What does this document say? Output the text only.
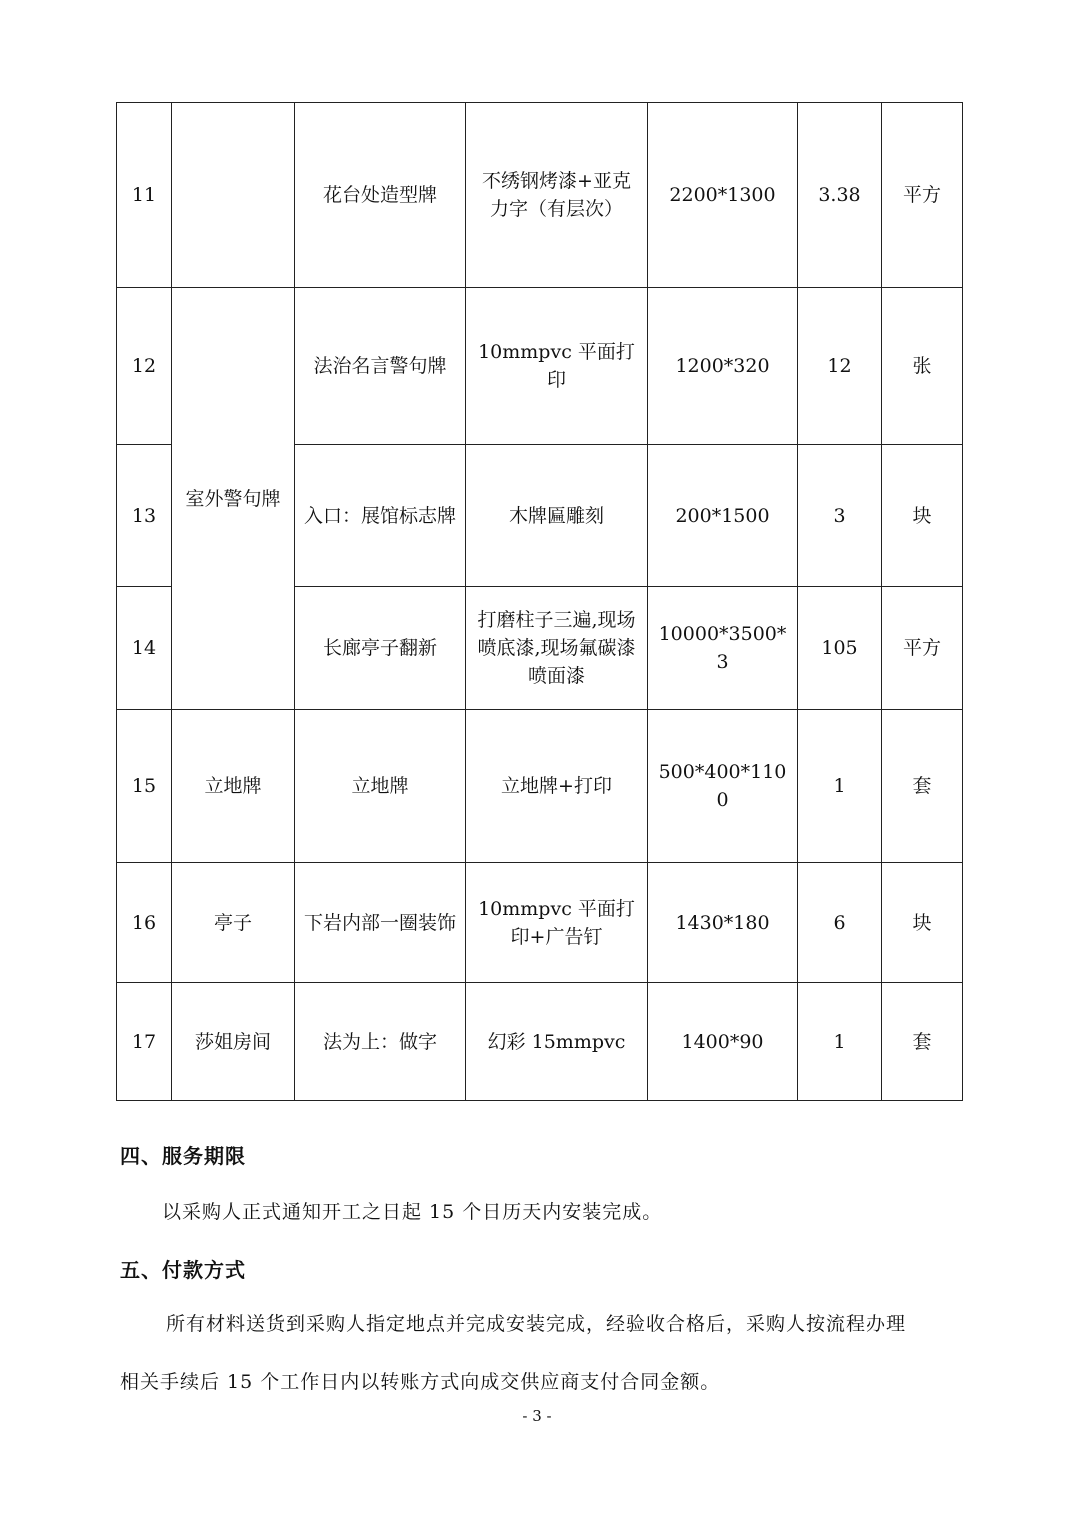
11		花台处造型牌	不绣钢烤漆+亚克力字（有层次）	2200*1300	3.38	平方
12	室外警句牌	法治名言警句牌	10mmpvc 平面打印	1200*320	12	张
13		入口：展馆标志牌	木牌匾雕刻	200*1500	3	块
14		长廊亭子翻新	打磨柱子三遍,现场喷底漆,现场氟碳漆喷面漆	10000*3500*3	105	平方
15	立地牌	立地牌	立地牌+打印	500*400*1100	1	套
16	亭子	下岩内部一圈装饰	10mmpvc 平面打印+广告钉	1430*180	6	块
17	莎姐房间	法为上：做字	幻彩 15mmpvc	1400*90	1	套
四、服务期限

以采购人正式通知开工之日起 15 个日历天内安装完成。

五、付款方式

所有材料送货到采购人指定地点并完成安装完成，经验收合格后，采购人按流程办理

相关手续后 15 个工作日内以转账方式向成交供应商支付合同金额。

- 3 -
